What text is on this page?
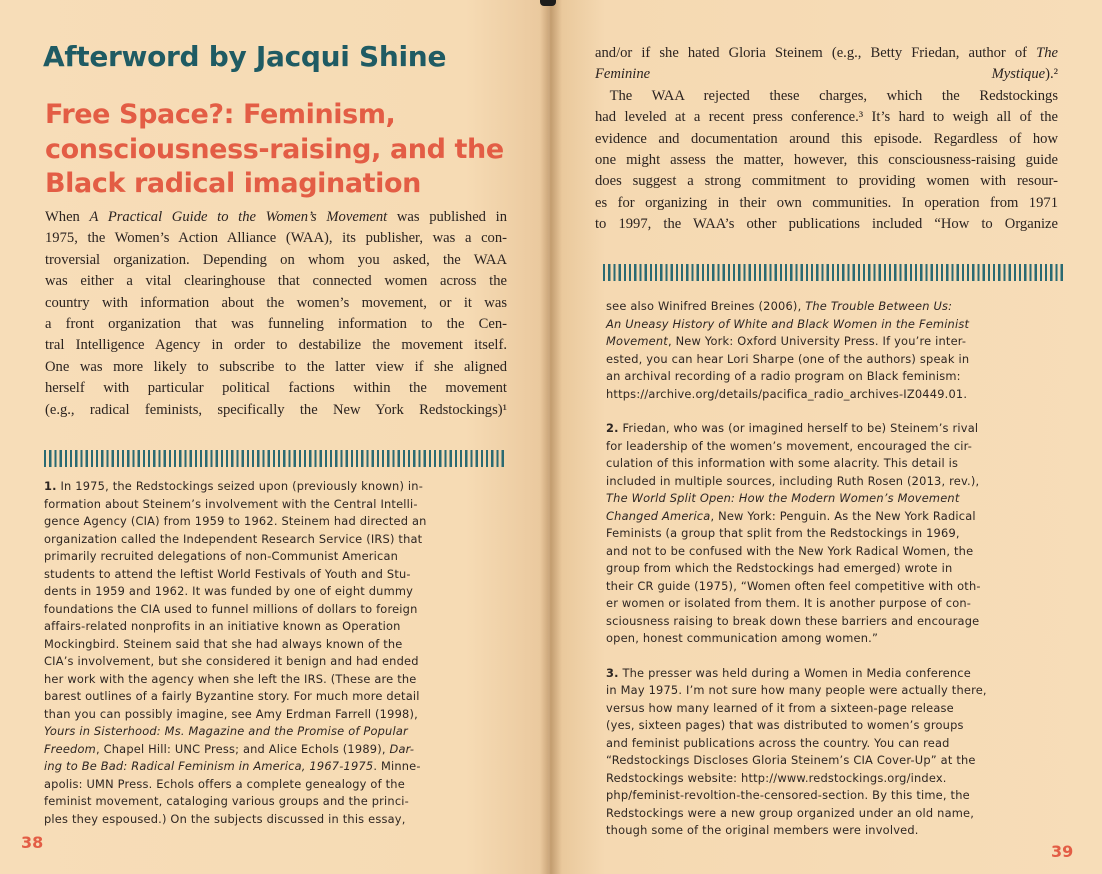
Afterword by Jacqui Shine
Free Space?: Feminism,
consciousness-raising, and the
Black radical imagination
When A Practical Guide to the Women’s Movement was published in
1975, the Women’s Action Alliance (WAA), its publisher, was a con-
troversial organization. Depending on whom you asked, the WAA
was either a vital clearinghouse that connected women across the
country with information about the women’s movement, or it was
a front organization that was funneling information to the Cen-
tral Intelligence Agency in order to destabilize the movement itself.
One was more likely to subscribe to the latter view if she aligned
herself with particular political factions within the movement
(e.g., radical feminists, specifically the New York Redstockings)¹
1. In 1975, the Redstockings seized upon (previously known) in-
formation about Steinem’s involvement with the Central Intelli-
gence Agency (CIA) from 1959 to 1962. Steinem had directed an
organization called the Independent Research Service (IRS) that
primarily recruited delegations of non-Communist American
students to attend the leftist World Festivals of Youth and Stu-
dents in 1959 and 1962. It was funded by one of eight dummy
foundations the CIA used to funnel millions of dollars to foreign
affairs-related nonprofits in an initiative known as Operation
Mockingbird. Steinem said that she had always known of the
CIA’s involvement, but she considered it benign and had ended
her work with the agency when she left the IRS. (These are the
barest outlines of a fairly Byzantine story. For much more detail
than you can possibly imagine, see Amy Erdman Farrell (1998),
Yours in Sisterhood: Ms. Magazine and the Promise of Popular
Freedom, Chapel Hill: UNC Press; and Alice Echols (1989), Dar-
ing to Be Bad: Radical Feminism in America, 1967-1975. Minne-
apolis: UMN Press. Echols offers a complete genealogy of the
feminist movement, cataloging various groups and the princi-
ples they espoused.) On the subjects discussed in this essay,

38

and/or if she hated Gloria Steinem (e.g., Betty Friedan, author of The
Feminine Mystique).²
 The WAA rejected these charges, which the Redstockings
had leveled at a recent press conference.³ It’s hard to weigh all of the
evidence and documentation around this episode. Regardless of how
one might assess the matter, however, this consciousness-raising guide
does suggest a strong commitment to providing women with resour-
es for organizing in their own communities. In operation from 1971
to 1997, the WAA’s other publications included “How to Organize
see also Winifred Breines (2006), The Trouble Between Us:
An Uneasy History of White and Black Women in the Feminist
Movement, New York: Oxford University Press. If you’re inter-
ested, you can hear Lori Sharpe (one of the authors) speak in
an archival recording of a radio program on Black feminism:
https://archive.org/details/pacifica_radio_archives-IZ0449.01.
2. Friedan, who was (or imagined herself to be) Steinem’s rival
for leadership of the women’s movement, encouraged the cir-
culation of this information with some alacrity. This detail is
included in multiple sources, including Ruth Rosen (2013, rev.),
The World Split Open: How the Modern Women’s Movement
Changed America, New York: Penguin. As the New York Radical
Feminists (a group that split from the Redstockings in 1969,
and not to be confused with the New York Radical Women, the
group from which the Redstockings had emerged) wrote in
their CR guide (1975), “Women often feel competitive with oth-
er women or isolated from them. It is another purpose of con-
sciousness raising to break down these barriers and encourage
open, honest communication among women.”
3. The presser was held during a Women in Media conference
in May 1975. I’m not sure how many people were actually there,
versus how many learned of it from a sixteen-page release
(yes, sixteen pages) that was distributed to women’s groups
and feminist publications across the country. You can read
“Redstockings Discloses Gloria Steinem’s CIA Cover-Up” at the
Redstockings website: http://www.redstockings.org/index.
php/feminist-revoltion-the-censored-section. By this time, the
Redstockings were a new group organized under an old name,
though some of the original members were involved.

39
